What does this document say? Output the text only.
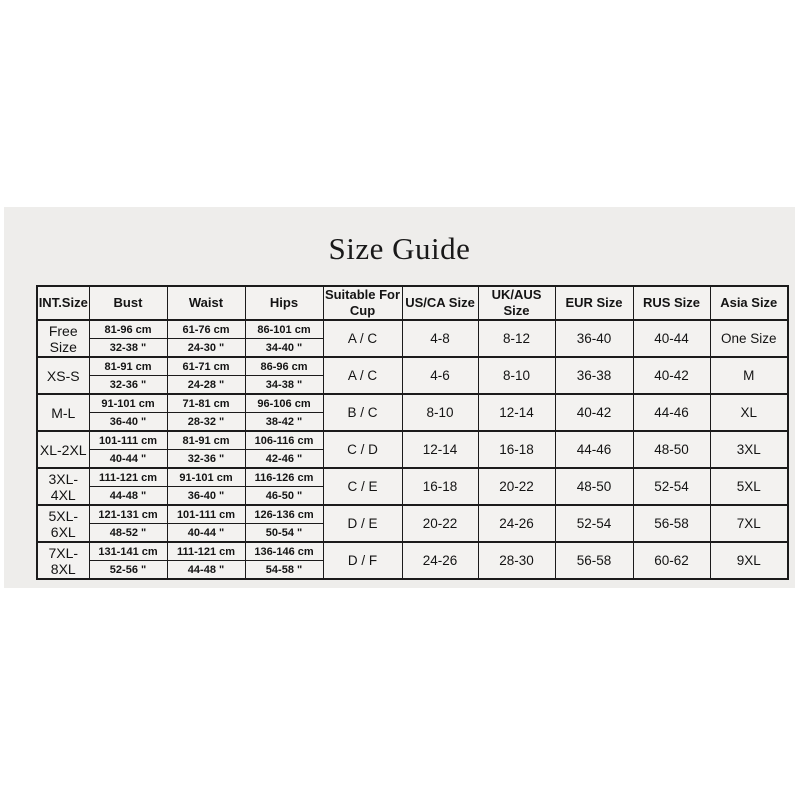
Size Guide
INT.Size	Bust	Waist	Hips	Suitable For Cup	US/CA Size	UK/AUS Size	EUR Size	RUS Size	Asia Size
Free Size	81-96 cm	61-76 cm	86-101 cm	A / C	4-8	8-12	36-40	40-44	One Size
	32-38 "	24-30 "	34-40 "						
XS-S	81-91 cm	61-71 cm	86-96 cm	A / C	4-6	8-10	36-38	40-42	M
	32-36 "	24-28 "	34-38 "						
M-L	91-101 cm	71-81 cm	96-106 cm	B / C	8-10	12-14	40-42	44-46	XL
	36-40 "	28-32 "	38-42 "						
XL-2XL	101-111 cm	81-91 cm	106-116 cm	C / D	12-14	16-18	44-46	48-50	3XL
	40-44 "	32-36 "	42-46 "						
3XL-4XL	111-121 cm	91-101 cm	116-126 cm	C / E	16-18	20-22	48-50	52-54	5XL
	44-48 "	36-40 "	46-50 "						
5XL-6XL	121-131 cm	101-111 cm	126-136 cm	D / E	20-22	24-26	52-54	56-58	7XL
	48-52 "	40-44 "	50-54 "						
7XL-8XL	131-141 cm	111-121 cm	136-146 cm	D / F	24-26	28-30	56-58	60-62	9XL
	52-56 "	44-48 "	54-58 "						
